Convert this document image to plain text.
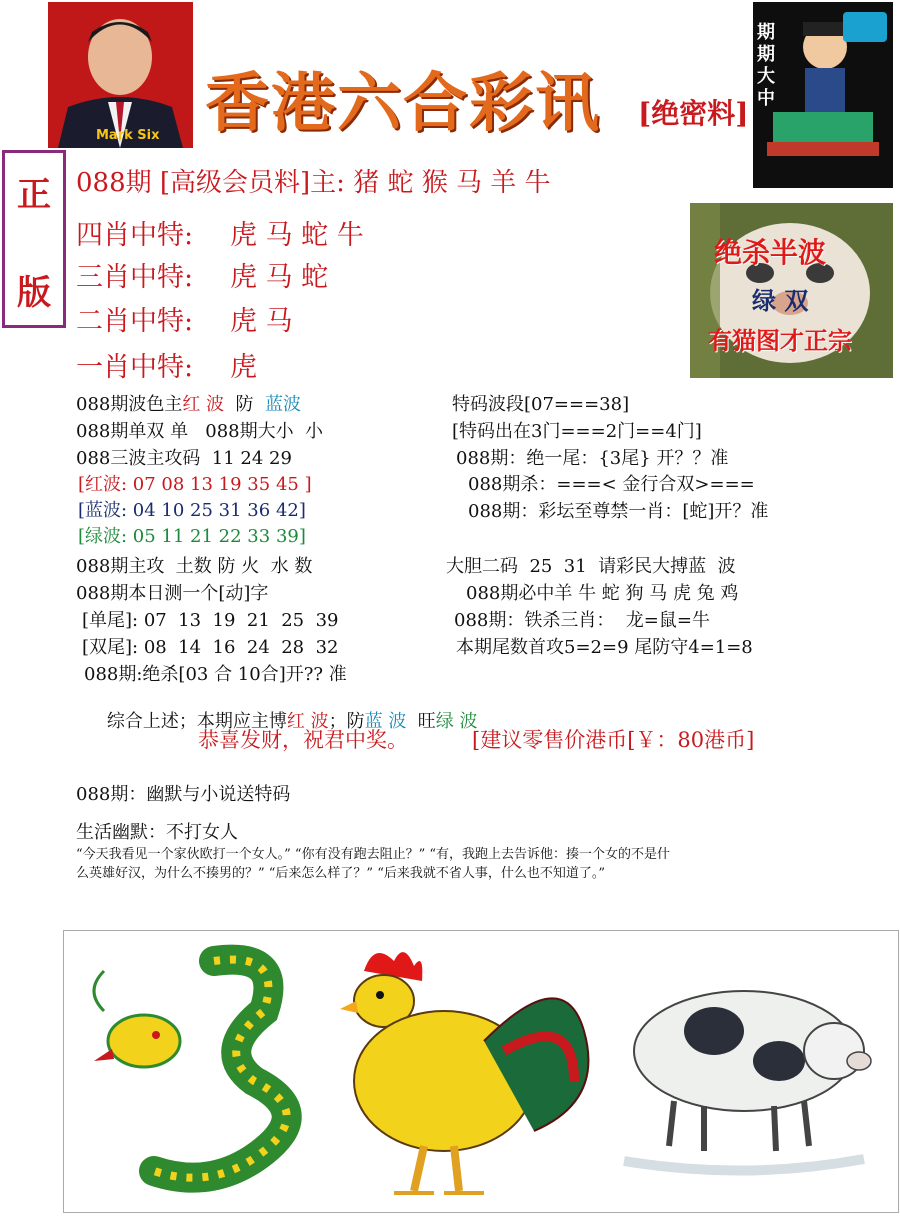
Mark Six 香港六合彩讯 [绝密料]
期期大中
正
版
088期 [高级会员料]主: 猪 蛇 猴 马 羊 牛
四肖中特: 虎 马 蛇 牛
三肖中特: 虎 马 蛇
二肖中特: 虎 马
一肖中特: 虎
绝杀半波
绿 双
有猫图才正宗
088期波色主红 波  防  蓝波
088期单双 单   088期大小  小
088三波主攻码  11 24 29
[红波: 07 08 13 19 35 45 ]
[蓝波: 04 10 25 31 36 42]
[绿波: 05 11 21 22 33 39]
088期主攻  土数 防 火  水 数
088期本日测一个[动]字
[单尾]: 07  13  19  21  25  39
[双尾]: 08  14  16  24  28  32
088期:绝杀[03 合 10合]开?? 准

综合上述；本期应主博红 波；防蓝 波  旺绿 波

特码波段[07===38]
[特码出在3门===2门==4门]
088期：绝一尾：{3尾} 开？？准
088期杀：===< 金行合双>===
088期：彩坛至尊禁一肖：[蛇]开？准
大胆二码  25  31  请彩民大搏蓝  波
088期必中羊 牛 蛇 狗 马 虎 兔 鸡
088期：铁杀三肖：  龙=鼠=牛
本期尾数首攻5=2=9 尾防守4=1=8
恭喜发财，祝君中奖。	[建议零售价港币[￥：80港币]
088期：幽默与小说送特码
生活幽默：不打女人
“今天我看见一个家伙欧打一个女人。” “你有没有跑去阻止？” “有，我跑上去告诉他：揍一个女的不是什
么英雄好汉，为什么不揍男的？” “后来怎么样了？” “后来我就不省人事，什么也不知道了。”
